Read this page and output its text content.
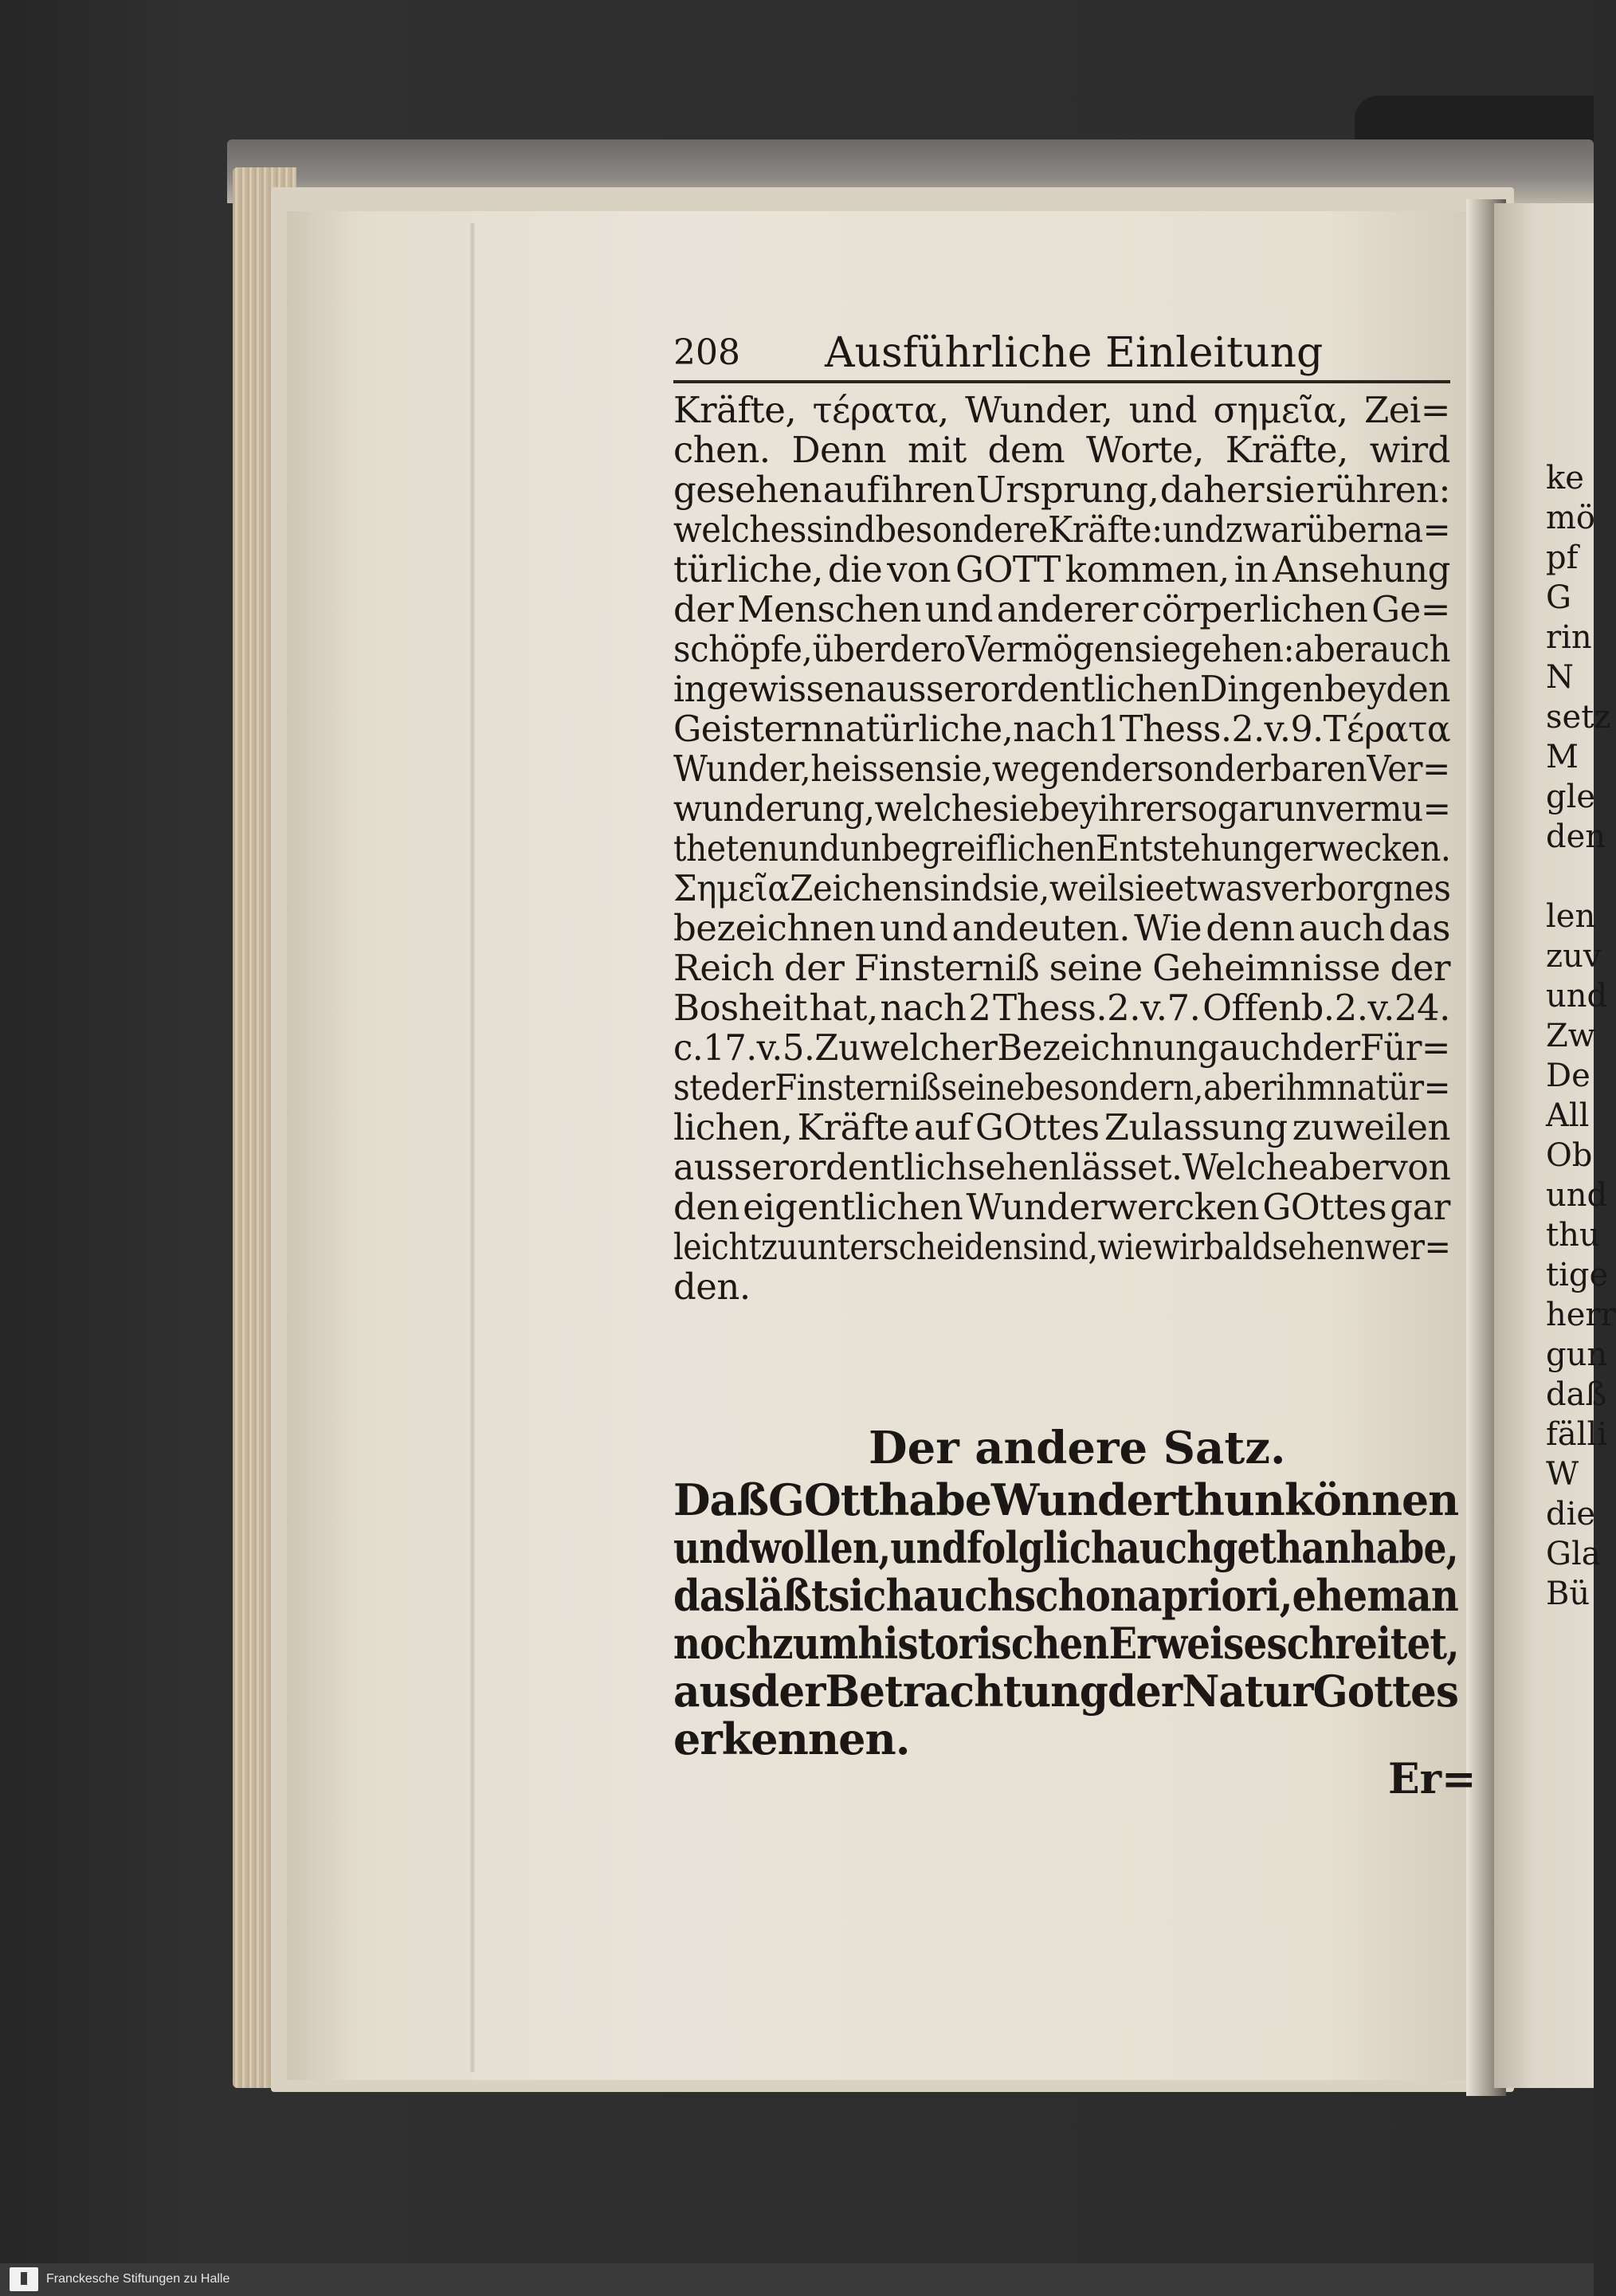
208 Ausführliche Einleitung
Kräfte, τέρατα, Wunder, und σημεῖα, Zei=
chen. Denn mit dem Worte, Kräfte, wird
gesehen auf ihren Ursprung, daher sie rühren:
welches sind besondere Kräfte: und zwar überna=
türliche, die von GOTT kommen, in Ansehung
der Menschen und anderer cörperlichen Ge=
schöpfe, über dero Vermögen sie gehen: aber auch
in gewissen ausserordentlichen Dingen bey den
Geistern natürliche, nach 1 Thess.2.v.9. Τέρατα
Wunder, heissen sie, wegen der sonderbaren Ver=
wunderung, welche sie bey ihrer so gar unvermu=
theten und unbegreiflichen Entstehung erwecken.
Σημεῖα Zeichen sind sie, weil sie etwas verborgnes
bezeichnen und andeuten. Wie denn auch das
Reich der Finsterniß seine Geheimnisse der
Bosheit hat, nach 2 Thess.2.v.7. Offenb.2.v.24.
c.17.v.5. Zu welcher Bezeichnung auch der Für=
ste der Finsterniß seine besondern, aber ihm natür=
lichen, Kräfte auf GOttes Zulassung zuweilen
ausserordentlich sehen lässet. Welche aber von
den eigentlichen Wunderwercken GOttes gar
leicht zu unterscheiden sind, wie wir bald sehen wer=
den.
Der andere Satz.
Daß GOtt habe Wunder thun können
und wollen, und folglich auch gethan habe,
das läßt sich auch schon a priori, ehe man
noch zum historischen Erweise schreitet,
aus der Betrachtung der Natur Gottes
erkennen.
Er=
ke
mö
pf
G
rin
N
setz
M
gle
den
len
zuv
und
Zw
De
All
Ob
und
thu
tige
herr
gun
daß
fälli
W
die
Gla
Bü
Franckesche Stiftungen zu Halle
